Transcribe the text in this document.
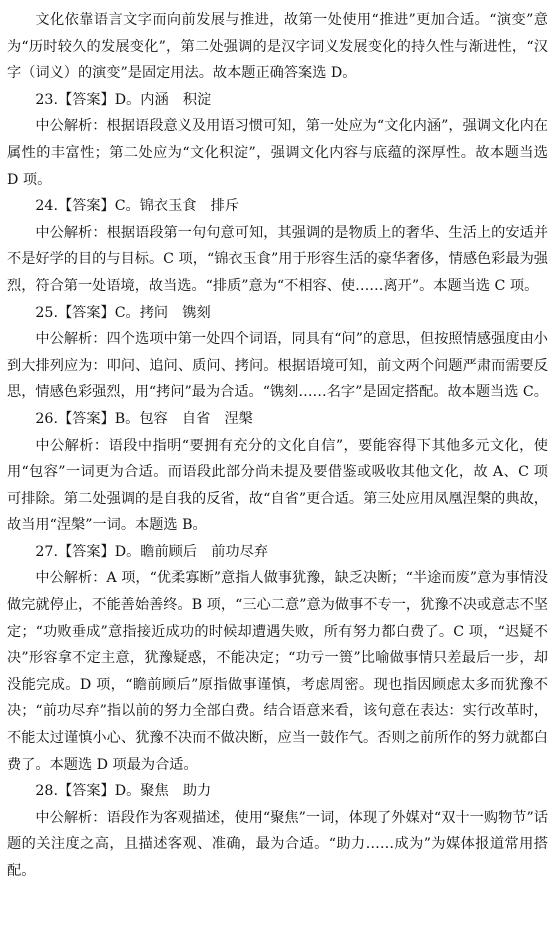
文化依靠语言文字而向前发展与推进，故第一处使用“推进”更加合适。“演变”意为“历时较久的发展变化”，第二处强调的是汉字词义发展变化的持久性与渐进性，“汉字（词义）的演变”是固定用法。故本题正确答案选 D。

23.【答案】D。内涵　积淀

中公解析：根据语段意义及用语习惯可知，第一处应为“文化内涵”，强调文化内在属性的丰富性；第二处应为“文化积淀”，强调文化内容与底蕴的深厚性。故本题当选 D 项。

24.【答案】C。锦衣玉食　排斥

中公解析：根据语段第一句句意可知，其强调的是物质上的奢华、生活上的安适并不是好学的目的与目标。C 项，“锦衣玉食”用于形容生活的豪华奢侈，情感色彩最为强烈，符合第一处语境，故当选。“排质”意为“不相容、使……离开”。本题当选 C 项。

25.【答案】C。拷问　镌刻

中公解析：四个选项中第一处四个词语，同具有“问”的意思，但按照情感强度由小到大排列应为：叩问、追问、质问、拷问。根据语境可知，前文两个问题严肃而需要反思，情感色彩强烈，用“拷问”最为合适。“镌刻……名字”是固定搭配。故本题当选 C。

26.【答案】B。包容　自省　涅槃

中公解析：语段中指明“要拥有充分的文化自信”，要能容得下其他多元文化，使用“包容”一词更为合适。而语段此部分尚未提及要借鉴或吸收其他文化，故 A、C 项可排除。第二处强调的是自我的反省，故“自省”更合适。第三处应用凤凰涅槃的典故，故当用“涅槃”一词。本题选 B。

27.【答案】D。瞻前顾后　前功尽弃

中公解析：A 项，“优柔寡断”意指人做事犹豫，缺乏决断；“半途而废”意为事情没做完就停止，不能善始善终。B 项，“三心二意”意为做事不专一，犹豫不决或意志不坚定；“功败垂成”意指接近成功的时候却遭遇失败，所有努力都白费了。C 项，“迟疑不决”形容拿不定主意，犹豫疑惑，不能决定；“功亏一篑”比喻做事情只差最后一步，却没能完成。D 项，“瞻前顾后”原指做事谨慎，考虑周密。现也指因顾虑太多而犹豫不决；“前功尽弃”指以前的努力全部白费。结合语意来看，该句意在表达：实行改革时，不能太过谨慎小心、犹豫不决而不做决断，应当一鼓作气。否则之前所作的努力就都白费了。本题选 D 项最为合适。

28.【答案】D。聚焦　助力

中公解析：语段作为客观描述，使用“聚焦”一词，体现了外媒对“双十一购物节”话题的关注度之高，且描述客观、准确，最为合适。“助力……成为”为媒体报道常用搭配。
